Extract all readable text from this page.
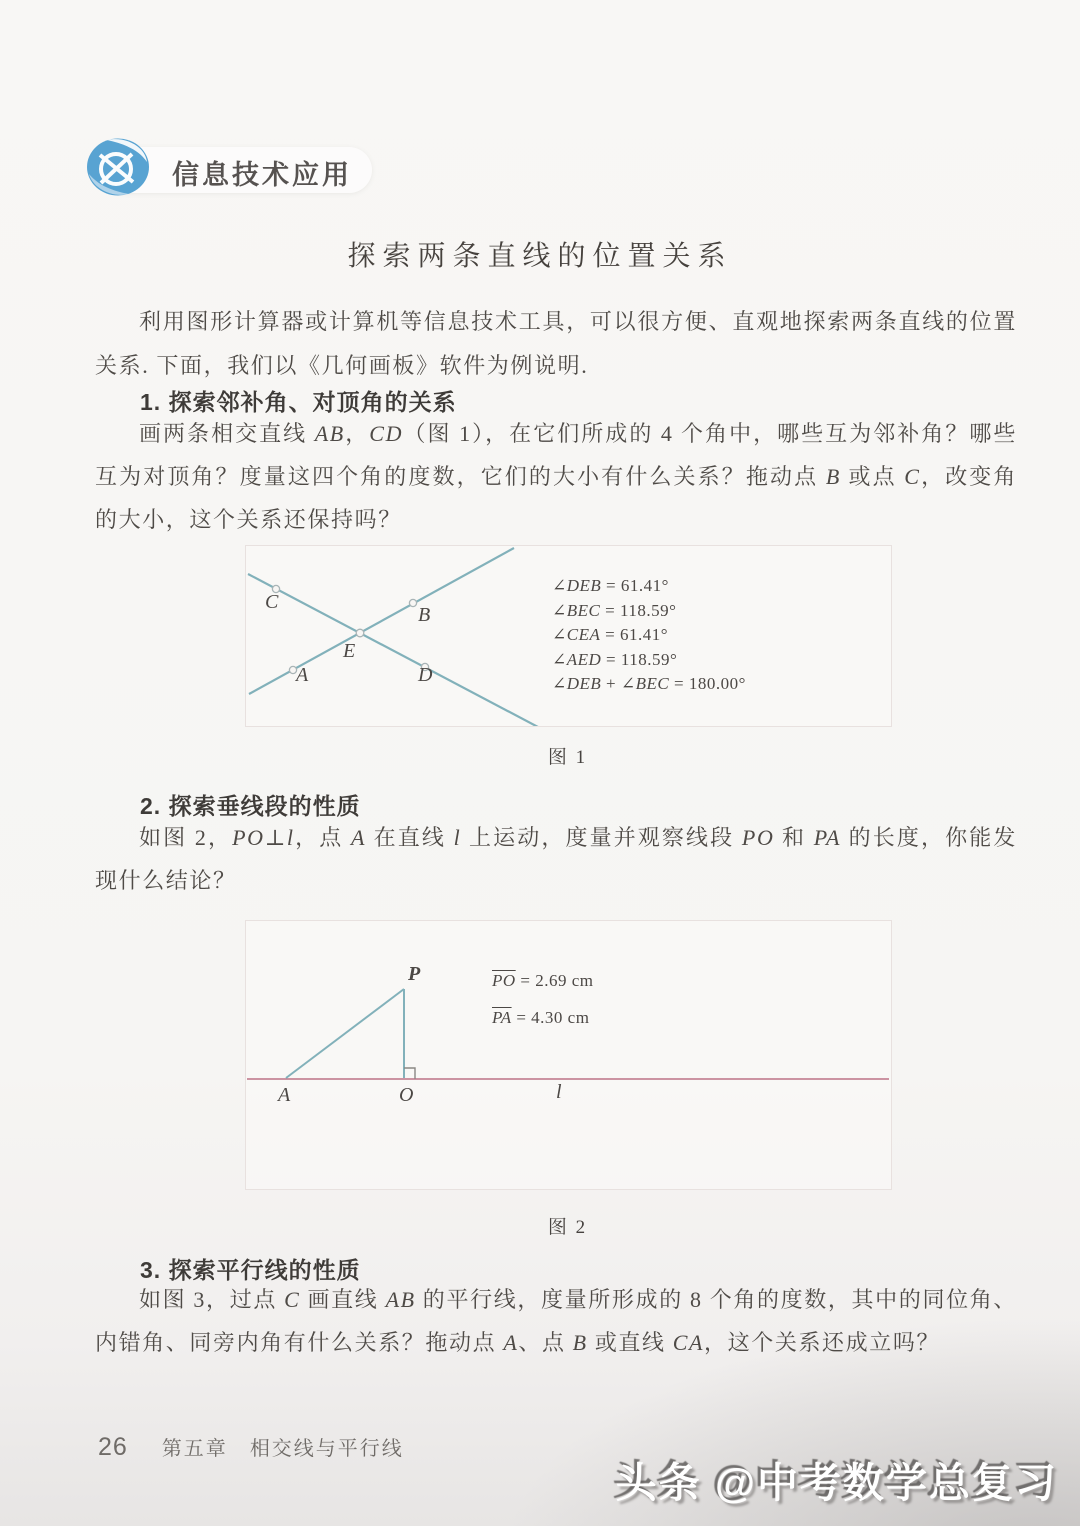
信息技术应用
探索两条直线的位置关系
利用图形计算器或计算机等信息技术工具，可以很方便、直观地探索两条直线的位置关系. 下面，我们以《几何画板》软件为例说明.
1. 探索邻补角、对顶角的关系
画两条相交直线 AB，CD（图 1），在它们所成的 4 个角中，哪些互为邻补角？哪些互为对顶角？度量这四个角的度数，它们的大小有什么关系？拖动点 B 或点 C，改变角的大小，这个关系还保持吗？
C
B
E
A	D
∠DEB = 61.41°
∠BEC = 118.59°
∠CEA = 61.41°
∠AED = 118.59°
∠DEB + ∠BEC = 180.00°
图 1
2. 探索垂线段的性质
如图 2，PO⊥l，点 A 在直线 l 上运动，度量并观察线段 PO 和 PA 的长度，你能发现什么结论？
P
A	O	l
$\overline{PO} = 2.69$ cm
$\overline{PA} = 4.30$ cm
图 2
3. 探索平行线的性质
如图 3，过点 C 画直线 AB 的平行线，度量所形成的 8 个角的度数，其中的同位角、内错角、同旁内角有什么关系？拖动点 A、点 B 或直线 CA，这个关系还成立吗？
26 第五章 相交线与平行线
头条 @中考数学总复习
